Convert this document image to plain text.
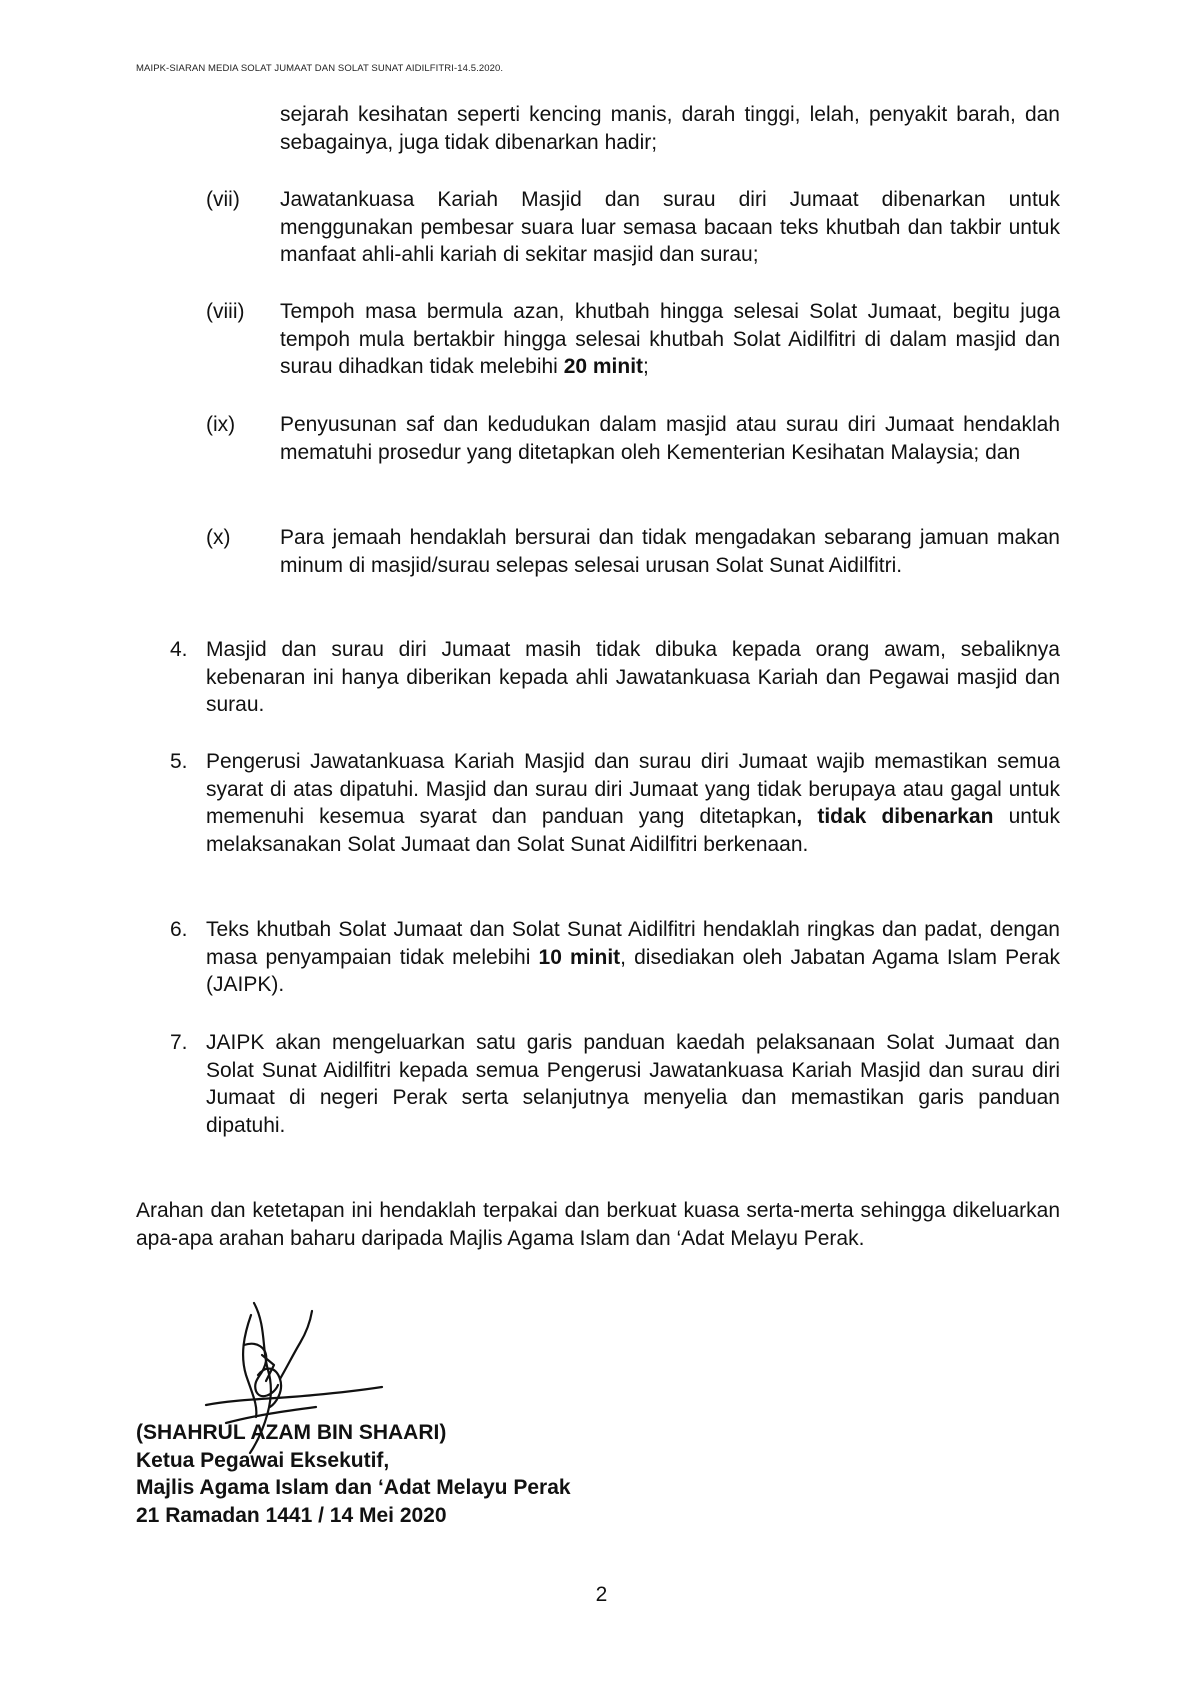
MAIPK-SIARAN MEDIA SOLAT JUMAAT DAN SOLAT SUNAT AIDILFITRI-14.5.2020.
sejarah kesihatan seperti kencing manis, darah tinggi, lelah, penyakit barah, dan sebagainya, juga tidak dibenarkan hadir;
(vii) Jawatankuasa Kariah Masjid dan surau diri Jumaat dibenarkan untuk menggunakan pembesar suara luar semasa bacaan teks khutbah dan takbir untuk manfaat ahli-ahli kariah di sekitar masjid dan surau;
(viii) Tempoh masa bermula azan, khutbah hingga selesai Solat Jumaat, begitu juga tempoh mula bertakbir hingga selesai khutbah Solat Aidilfitri di dalam masjid dan surau dihadkan tidak melebihi 20 minit;
(ix) Penyusunan saf dan kedudukan dalam masjid atau surau diri Jumaat hendaklah mematuhi prosedur yang ditetapkan oleh Kementerian Kesihatan Malaysia; dan
(x) Para jemaah hendaklah bersurai dan tidak mengadakan sebarang jamuan makan minum di masjid/surau selepas selesai urusan Solat Sunat Aidilfitri.
4. Masjid dan surau diri Jumaat masih tidak dibuka kepada orang awam, sebaliknya kebenaran ini hanya diberikan kepada ahli Jawatankuasa Kariah dan Pegawai masjid dan surau.
5. Pengerusi Jawatankuasa Kariah Masjid dan surau diri Jumaat wajib memastikan semua syarat di atas dipatuhi. Masjid dan surau diri Jumaat yang tidak berupaya atau gagal untuk memenuhi kesemua syarat dan panduan yang ditetapkan, tidak dibenarkan untuk melaksanakan Solat Jumaat dan Solat Sunat Aidilfitri berkenaan.
6. Teks khutbah Solat Jumaat dan Solat Sunat Aidilfitri hendaklah ringkas dan padat, dengan masa penyampaian tidak melebihi 10 minit, disediakan oleh Jabatan Agama Islam Perak (JAIPK).
7. JAIPK akan mengeluarkan satu garis panduan kaedah pelaksanaan Solat Jumaat dan Solat Sunat Aidilfitri kepada semua Pengerusi Jawatankuasa Kariah Masjid dan surau diri Jumaat di negeri Perak serta selanjutnya menyelia dan memastikan garis panduan dipatuhi.
Arahan dan ketetapan ini hendaklah terpakai dan berkuat kuasa serta-merta sehingga dikeluarkan apa-apa arahan baharu daripada Majlis Agama Islam dan ‘Adat Melayu Perak.
(SHAHRUL AZAM BIN SHAARI)
Ketua Pegawai Eksekutif,
Majlis Agama Islam dan ‘Adat Melayu Perak
21 Ramadan 1441 / 14 Mei 2020
2
